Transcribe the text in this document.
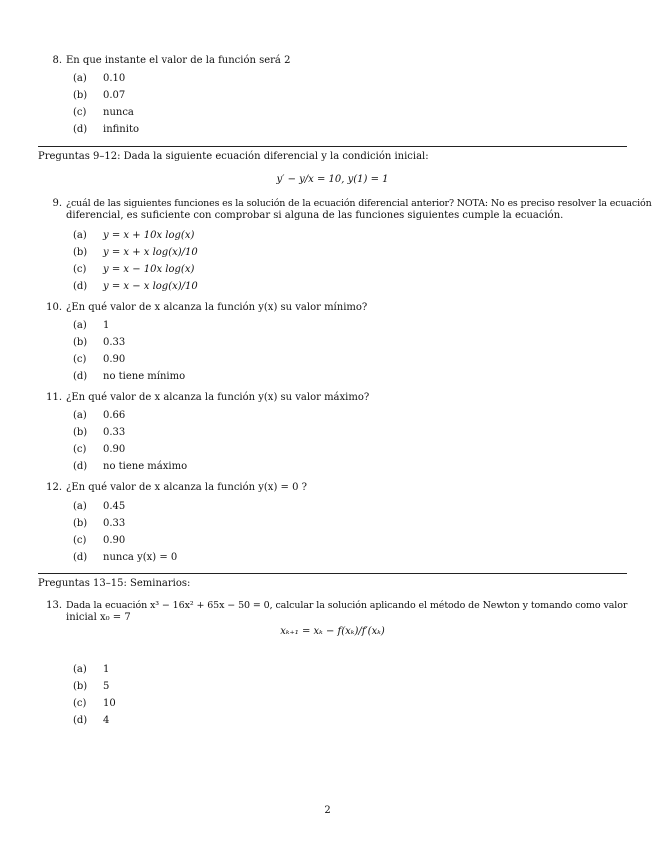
8. En que instante el valor de la función será 2
(a) 0.10
(b) 0.07
(c) nunca
(d) infinito
Preguntas 9–12: Dada la siguiente ecuación diferencial y la condición inicial:
y′ − y/x = 10, y(1) = 1
9. ¿cuál de las siguientes funciones es la solución de la ecuación diferencial anterior? NOTA: No es preciso resolver la ecuación
diferencial, es suficiente con comprobar si alguna de las funciones siguientes cumple la ecuación.
(a) y = x + 10x log(x)
(b) y = x + x log(x)/10
(c) y = x − 10x log(x)
(d) y = x − x log(x)/10
10. ¿En qué valor de x alcanza la función y(x) su valor mínimo?
(a) 1
(b) 0.33
(c) 0.90
(d) no tiene mínimo
11. ¿En qué valor de x alcanza la función y(x) su valor máximo?
(a) 0.66
(b) 0.33
(c) 0.90
(d) no tiene máximo
12. ¿En qué valor de x alcanza la función y(x) = 0 ?
(a) 0.45
(b) 0.33
(c) 0.90
(d) nunca y(x) = 0
Preguntas 13–15: Seminarios:
13. Dada la ecuación x³ − 16x² + 65x − 50 = 0, calcular la solución aplicando el método de Newton y tomando como valor
inicial x₀ = 7
xₖ₊₁ = xₖ − f(xₖ)/f′(xₖ)
(a) 1
(b) 5
(c) 10
(d) 4
2
